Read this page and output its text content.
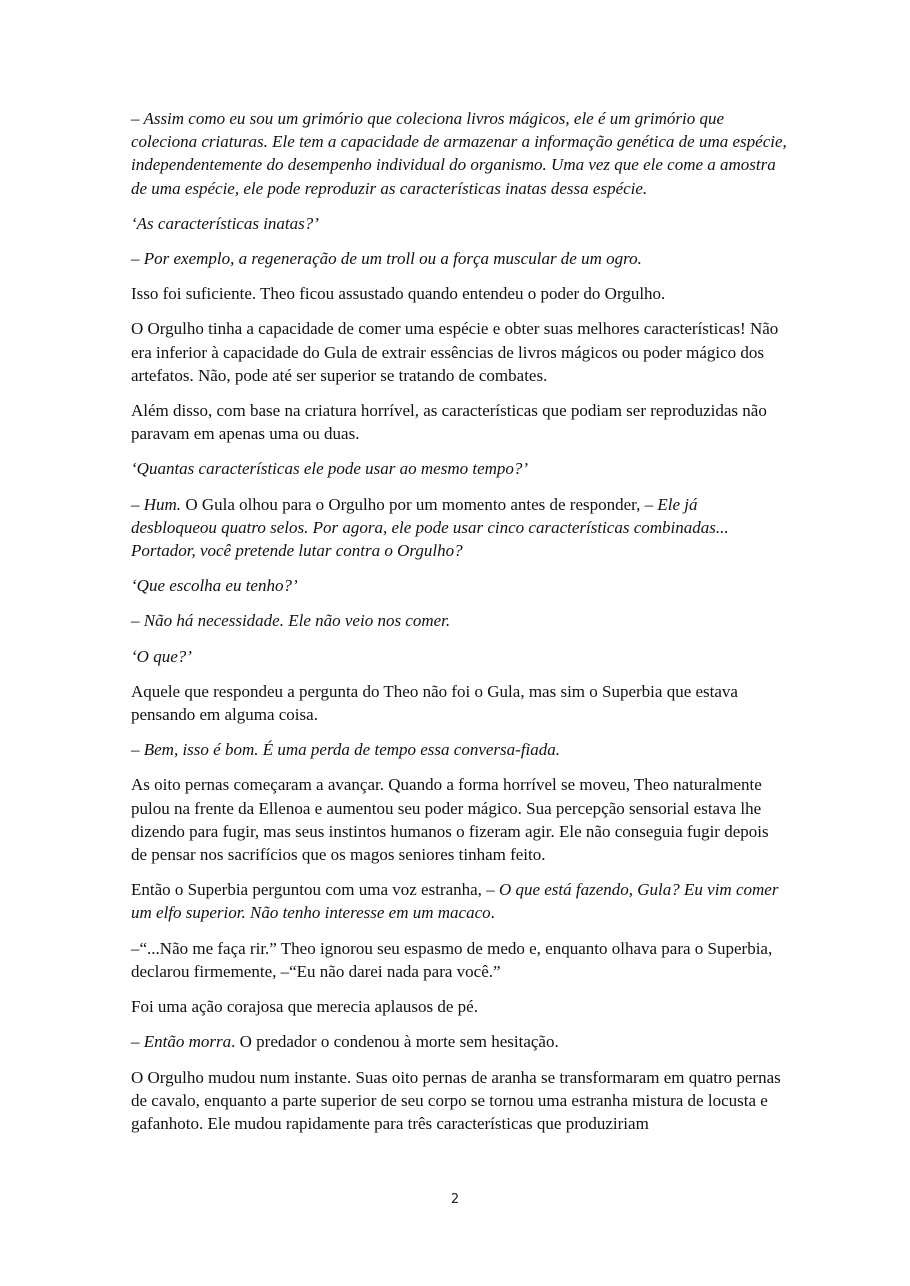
– Assim como eu sou um grimório que coleciona livros mágicos, ele é um grimório que coleciona criaturas. Ele tem a capacidade de armazenar a informação genética de uma espécie, independentemente do desempenho individual do organismo. Uma vez que ele come a amostra de uma espécie, ele pode reproduzir as características inatas dessa espécie.

‘As características inatas?’

– Por exemplo, a regeneração de um troll ou a força muscular de um ogro.

Isso foi suficiente. Theo ficou assustado quando entendeu o poder do Orgulho.

O Orgulho tinha a capacidade de comer uma espécie e obter suas melhores características! Não era inferior à capacidade do Gula de extrair essências de livros mágicos ou poder mágico dos artefatos. Não, pode até ser superior se tratando de combates.

Além disso, com base na criatura horrível, as características que podiam ser reproduzidas não paravam em apenas uma ou duas.

‘Quantas características ele pode usar ao mesmo tempo?’

– Hum. O Gula olhou para o Orgulho por um momento antes de responder, – Ele já desbloqueou quatro selos. Por agora, ele pode usar cinco características combinadas... Portador, você pretende lutar contra o Orgulho?

‘Que escolha eu tenho?’

– Não há necessidade. Ele não veio nos comer.

‘O que?’

Aquele que respondeu a pergunta do Theo não foi o Gula, mas sim o Superbia que estava pensando em alguma coisa.

– Bem, isso é bom. É uma perda de tempo essa conversa-fiada.

As oito pernas começaram a avançar. Quando a forma horrível se moveu, Theo naturalmente pulou na frente da Ellenoa e aumentou seu poder mágico. Sua percepção sensorial estava lhe dizendo para fugir, mas seus instintos humanos o fizeram agir. Ele não conseguia fugir depois de pensar nos sacrifícios que os magos seniores tinham feito.

Então o Superbia perguntou com uma voz estranha, – O que está fazendo, Gula? Eu vim comer um elfo superior. Não tenho interesse em um macaco.

–“...Não me faça rir.” Theo ignorou seu espasmo de medo e, enquanto olhava para o Superbia, declarou firmemente, –“Eu não darei nada para você.”

Foi uma ação corajosa que merecia aplausos de pé.

– Então morra. O predador o condenou à morte sem hesitação.

O Orgulho mudou num instante. Suas oito pernas de aranha se transformaram em quatro pernas de cavalo, enquanto a parte superior de seu corpo se tornou uma estranha mistura de locusta e gafanhoto. Ele mudou rapidamente para três características que produziriam

2
